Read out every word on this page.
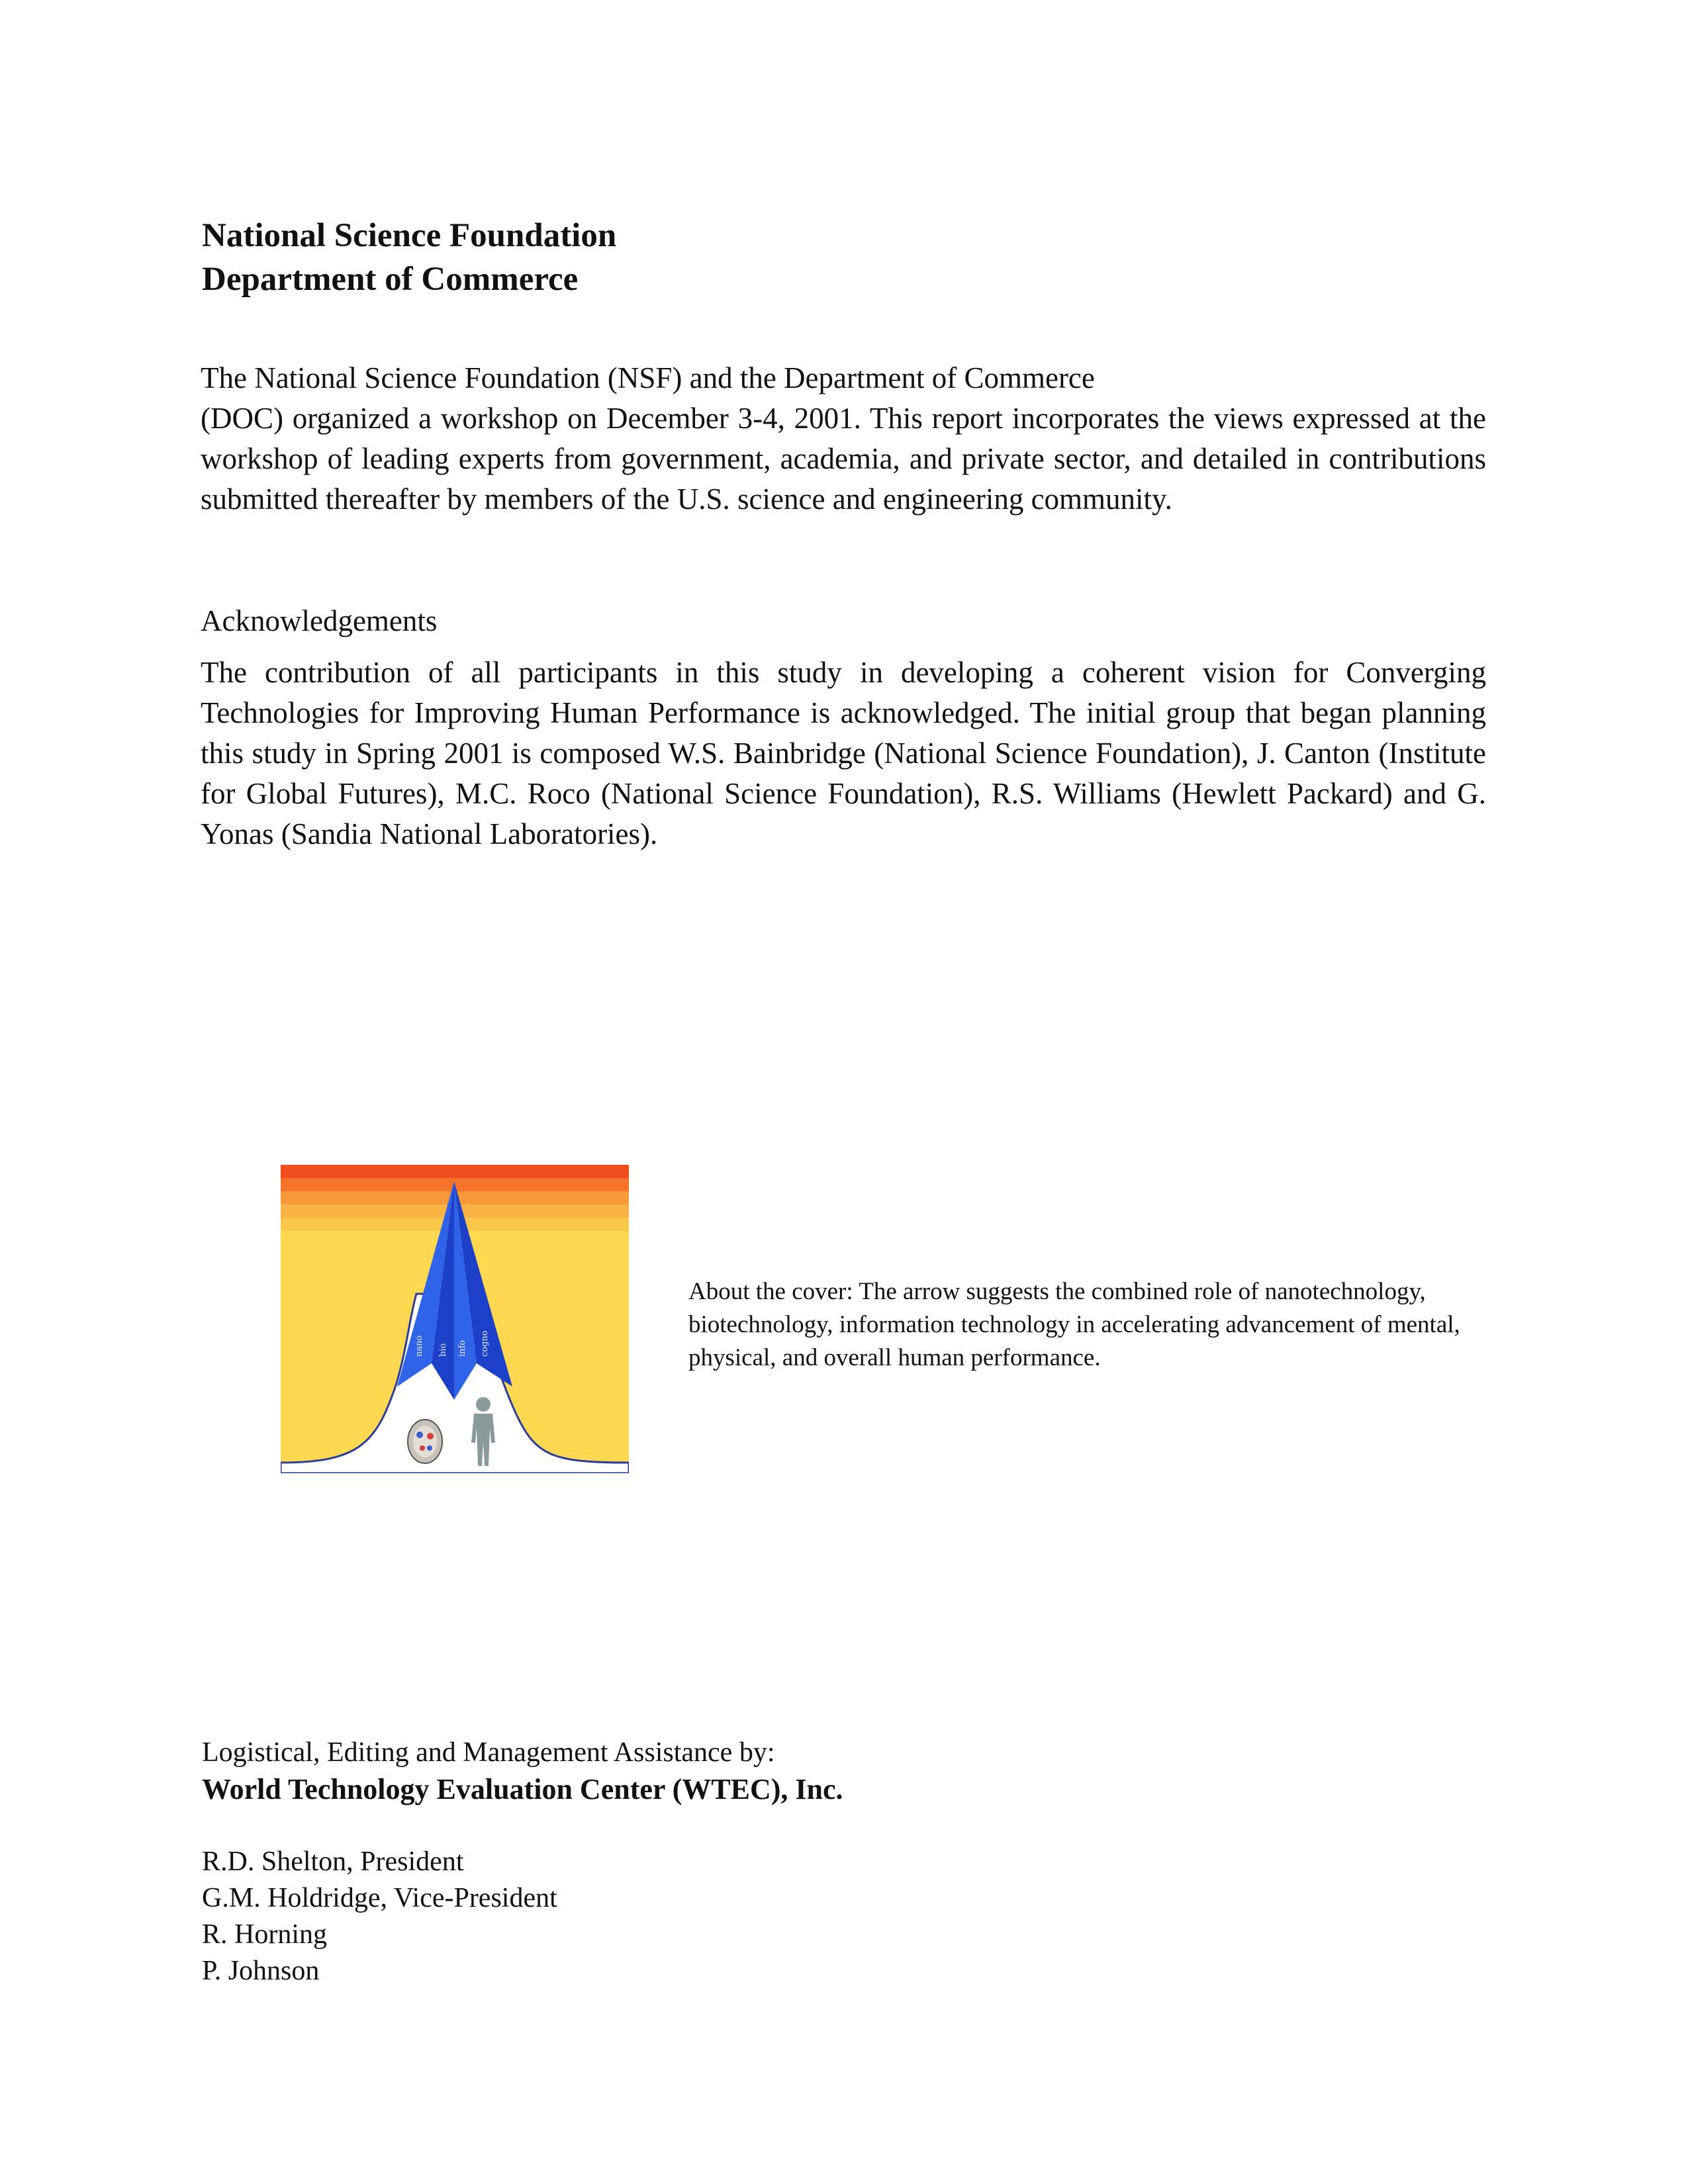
National Science Foundation
Department of Commerce
The National Science Foundation (NSF) and the Department of Commerce
(DOC) organized a workshop on December 3-4, 2001. This report incorporates the views expressed at the workshop of leading experts from government, academia, and private sector, and detailed in contributions submitted thereafter by members of the U.S. science and engineering community.
Acknowledgements
The contribution of all participants in this study in developing a coherent vision for Converging Technologies for Improving Human Performance is acknowledged. The initial group that began planning this study in Spring 2001 is composed W.S. Bainbridge (National Science Foundation), J. Canton (Institute for Global Futures), M.C. Roco (National Science Foundation), R.S. Williams (Hewlett Packard) and G. Yonas (Sandia National Laboratories).
nano bio info cogno
About the cover: The arrow suggests the combined role of nanotechnology, biotechnology, information technology in accelerating advancement of mental, physical, and overall human performance.
Logistical, Editing and Management Assistance by:
World Technology Evaluation Center (WTEC), Inc.
R.D. Shelton, President
G.M. Holdridge, Vice-President
R. Horning
P. Johnson
